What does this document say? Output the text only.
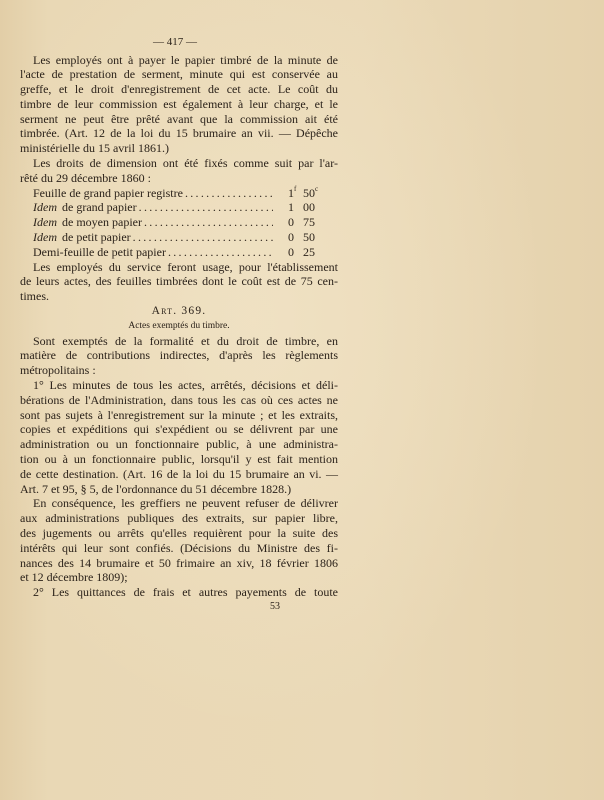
— 417 —
Les employés ont à payer le papier timbré de la minute de
l'acte de prestation de serment, minute qui est conservée au
greffe, et le droit d'enregistrement de cet acte. Le coût du
timbre de leur commission est également à leur charge, et le
serment ne peut être prêté avant que la commission ait été
timbrée. (Art. 12 de la loi du 15 brumaire an vii. — Dépêche
ministérielle du 15 avril 1861.)
Les droits de dimension ont été fixés comme suit par l'ar-
rêté du 29 décembre 1860 :
Feuille de grand papier registre .....	1 f 50 c
Idem de grand papier .....	1 00
Idem de moyen papier .....	0 75
Idem de petit papier .....	0 50
Demi-feuille de petit papier .....	0 25
Les employés du service feront usage, pour l'établissement
de leurs actes, des feuilles timbrées dont le coût est de 75 cen-
times.
Art. 369.
Actes exemptés du timbre.
Sont exemptés de la formalité et du droit de timbre, en
matière de contributions indirectes, d'après les règlements
métropolitains :
1° Les minutes de tous les actes, arrêtés, décisions et déli-
bérations de l'Administration, dans tous les cas où ces actes ne
sont pas sujets à l'enregistrement sur la minute ; et les extraits,
copies et expéditions qui s'expédient ou se délivrent par une
administration ou un fonctionnaire public, à une administra-
tion ou à un fonctionnaire public, lorsqu'il y est fait mention
de cette destination. (Art. 16 de la loi du 15 brumaire an vi. —
Art. 7 et 95, § 5, de l'ordonnance du 51 décembre 1828.)
En conséquence, les greffiers ne peuvent refuser de délivrer
aux administrations publiques des extraits, sur papier libre,
des jugements ou arrêts qu'elles requièrent pour la suite des
intérêts qui leur sont confiés. (Décisions du Ministre des fi-
nances des 14 brumaire et 50 frimaire an xiv, 18 février 1806
et 12 décembre 1809);
2° Les quittances de frais et autres payements de toute
53
